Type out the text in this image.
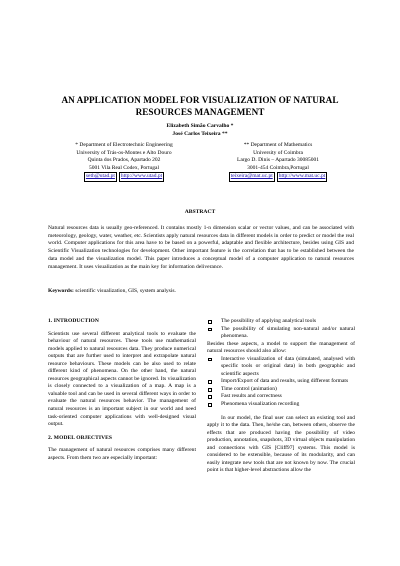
AN APPLICATION MODEL FOR VISUALIZATION OF NATURAL
RESOURCES MANAGEMENT
Elizabeth Simão Carvalho *
José Carlos Teixeira **
* Department of Electrotechnic Engineering
University of Trás-os-Montes e Alto Douro
Quinta dos Prados, Apartado 202
5001 Vila Real Codex, Portugal
seth@utad.pt	http://www.utad.pt
** Department of Mathematics
University of Coimbra
Largo D. Dinis – Apartado 30085001
3001-454 Coimbra,Portugal
teixeira@mat.uc.pt	http://www.mat.uc.pt
ABSTRACT
Natural resources data is usually geo-referenced. It contains mostly 1-n dimension scalar or vector values, and can be associated with meteorology, geology, water, weather, etc. Scientists apply natural resources data in different models in order to predict or model the real world. Computer applications for this area have to be based on a powerful, adaptable and flexible architecture, besides using GIS and Scientific Visualization technologies for development. Other important feature is the correlation that has to be established between the data model and the visualization model. This paper introduces a conceptual model of a computer application to natural resources management. It uses visualization as the main key for information deliverance.
Keywords: scientific visualization, GIS, system analysis.
1. INTRODUCTION

Scientists use several different analytical tools to evaluate the behaviour of natural resources. These tools use mathematical models applied to natural resources data. They produce numerical outputs that are further used to interpret and extrapolate natural resource behaviours. These models can be also used to relate different kind of phenomena. On the other hand, the natural resources geographical aspects cannot be ignored. Its visualization is closely connected to a visualization of a map. A map is a valuable tool and can be used in several different ways in order to evaluate the natural resources behavior. The management of natural resources is an important subject in our world and need task-oriented computer applications with well-designed visual output.

2. MODEL OBJECTIVES

The management of natural resources comprises many different aspects. From them two are especially important:

The possibility of applying analytical tools
The possibility of simulating non-natural and/or natural phenomena.

Besides these aspects, a model to support the management of natural resources should also allow:

Interactive visualization of data (simulated, analysed with specific tools or original data) in both geographic and scientific aspects
Import/Export of data and results, using different formats
Time control (animation)
Fast results and correctness
Phenomena visualization recording

In our model, the final user can select an existing tool and apply it to the data. Then, he/she can, between others, observe the effects that are produced having the possibility of video production, annotation, snapshots, 3D virtual objects manipulation and connections with GIS [Cliff97] systems. This model is considered to be extensible, because of its modularity, and can easily integrate new tools that are not known by now. The crucial point is that higher-level abstractions allow the
